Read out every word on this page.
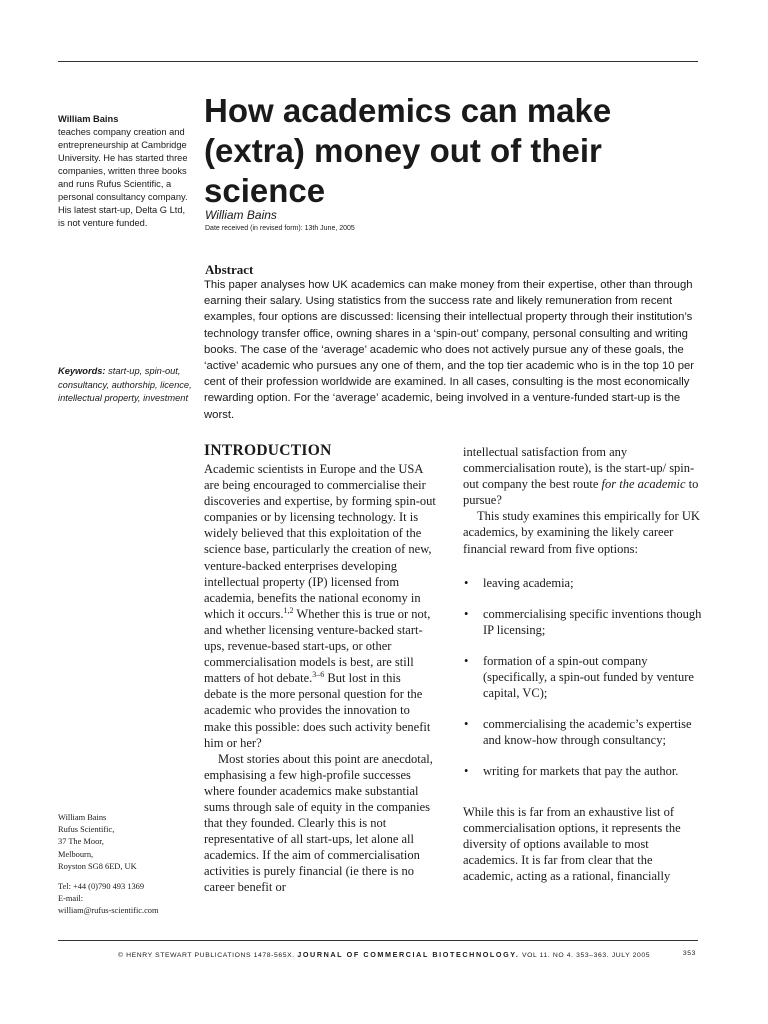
William Bains
teaches company creation and entrepreneurship at Cambridge University. He has started three companies, written three books and runs Rufus Scientific, a personal consultancy company. His latest start-up, Delta G Ltd, is not venture funded.
Keywords: start-up, spin-out, consultancy, authorship, licence, intellectual property, investment
William Bains
Rufus Scientific,
37 The Moor,
Melbourn,
Royston SG8 6ED, UK
Tel: +44 (0)790 493 1369
E-mail:
william@rufus-scientific.com
How academics can make (extra) money out of their science
William Bains
Date received (in revised form): 13th June, 2005
Abstract

This paper analyses how UK academics can make money from their expertise, other than through earning their salary. Using statistics from the success rate and likely remuneration from recent examples, four options are discussed: licensing their intellectual property through their institution’s technology transfer office, owning shares in a ‘spin-out’ company, personal consulting and writing books. The case of the ‘average’ academic who does not actively pursue any of these goals, the ‘active’ academic who pursues any one of them, and the top tier academic who is in the top 10 per cent of their profession worldwide are examined. In all cases, consulting is the most economically rewarding option. For the ‘average’ academic, being involved in a venture-funded start-up is the worst.

INTRODUCTION

Academic scientists in Europe and the USA are being encouraged to commercialise their discoveries and expertise, by forming spin-out companies or by licensing technology. It is widely believed that this exploitation of the science base, particularly the creation of new, venture-backed enterprises developing intellectual property (IP) licensed from academia, benefits the national economy in which it occurs.$^{1,2}$ Whether this is true or not, and whether licensing venture-backed start-ups, revenue-based start-ups, or other commercialisation models is best, are still matters of hot debate.$^{3-6}$ But lost in this debate is the more personal question for the academic who provides the innovation to make this possible: does such activity benefit him or her?

Most stories about this point are anecdotal, emphasising a few high-profile successes where founder academics make substantial sums through sale of equity in the companies that they founded. Clearly this is not representative of all start-ups, let alone all academics. If the aim of commercialisation activities is purely financial (ie there is no career benefit or

intellectual satisfaction from any commercialisation route), is the start-up/ spin-out company the best route for the academic to pursue?

This study examines this empirically for UK academics, by examining the likely career financial reward from five options:

• leaving academia;
• commercialising specific inventions though IP licensing;
• formation of a spin-out company (specifically, a spin-out funded by venture capital, VC);
• commercialising the academic’s expertise and know-how through consultancy;
• writing for markets that pay the author.

While this is far from an exhaustive list of commercialisation options, it represents the diversity of options available to most academics. It is far from clear that the academic, acting as a rational, financially

© HENRY STEWART PUBLICATIONS 1478-565X. JOURNAL OF COMMERCIAL BIOTECHNOLOGY. VOL 11. NO 4. 353–363. JULY 2005	353
